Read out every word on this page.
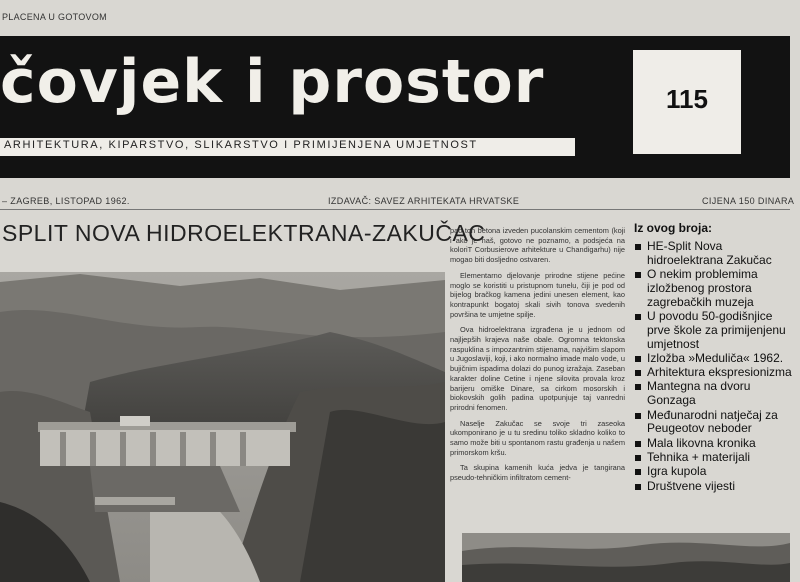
PLACENA U GOTOVOM
čovjek i prostor	115
ARHITEKTURA, KIPARSTVO, SLIKARSTVO I PRIMIJENJENA UMJETNOST
– ZAGREB, LISTOPAD 1962.	IZDAVAČ: SAVEZ ARHITEKATA HRVATSKE	CIJENA 150 DINARA
SPLIT NOVA HIDROELEKTRANA-ZAKUČAC

pao ton betona izveden pucolanskim cementom (koji i ako je naš, gotovo ne poznamo, a podsjeća na koloriT Corbusierove arhitekture u Chandigarhu) nije mogao biti dosljedno ostvaren.

Elementarno djelovanje prirodne stijene pećine moglo se koristiti u pristupnom tunelu, čiji je pod od bijelog bračkog kamena jedini unesen element, kao kontrapunkt bogatoj skali sivih tonova svedenih površina te umjetne spilje.

Ova hidroelektrana izgrađena je u jednom od najljepših krajeva naše obale. Ogromna tektonska raspuklina s impozantnim stijenama, najvišim slapom u Jugoslaviji, koji, i ako normalno imade malo vode, u bujičnim ispadima dolazi do punog izražaja. Zaseban karakter doline Cetine i njene silovita provala kroz barijeru omiške Dinare, sa cirkom mosorskih i biokovskih golih padina upotpunjuje taj vanredni prirodni fenomen.

Naselje Zakučac se svoje tri zaseoka ukomponirano je u tu sredinu toliko skladno koliko to samo može biti u spontanom rastu građenja u našem primorskom kršu.

Ta skupina kamenih kuća jedva je tangirana pseudo-tehničkim infiltratom cement-

Iz ovog broja:
HE-Split Nova hidroelektrana Zakučac
O nekim problemima izložbenog prostora zagrebačkih muzeja
U povodu 50-godišnjice prve škole za primijenjenu umjetnost
Izložba »Meduliča« 1962.
Arhitektura ekspresionizma
Mantegna na dvoru Gonzaga
Međunarodni natječaj za Peugeotov neboder
Mala likovna kronika
Tehnika + materijali
Igra kupola
Društvene vijesti
